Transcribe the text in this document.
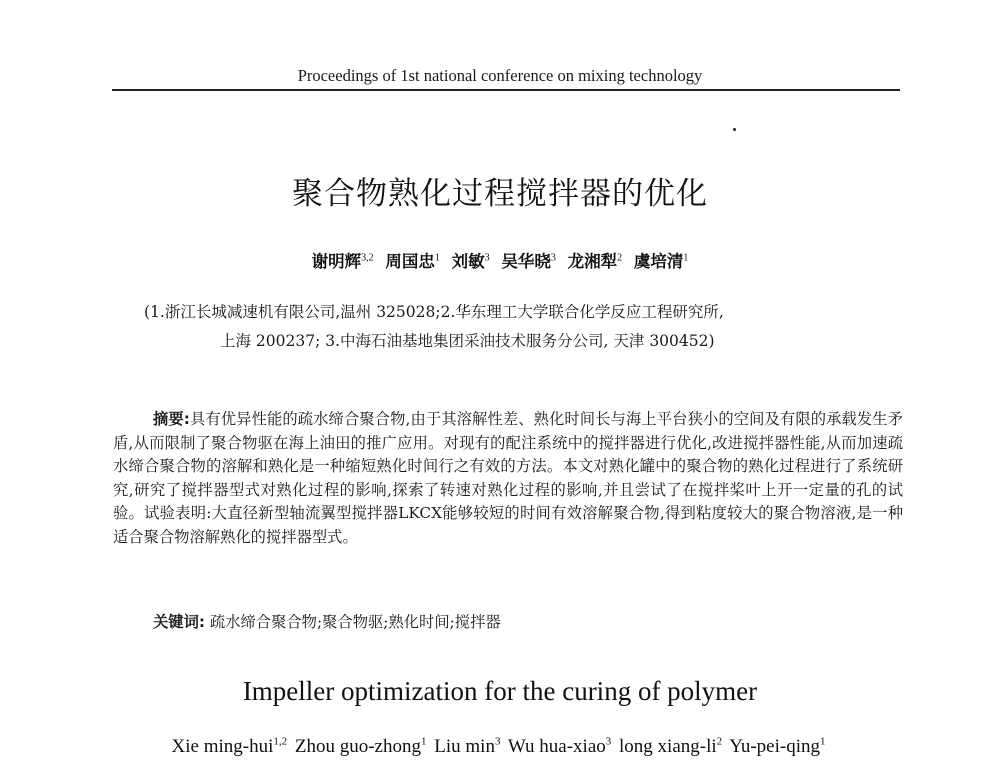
Proceedings of 1st national conference on mixing technology
聚合物熟化过程搅拌器的优化
谢明辉$^{3,2}$ 周国忠$^1$ 刘敏$^3$ 吴华晓$^3$ 龙湘犁$^2$ 虞培清$^1$
(1.浙江长城减速机有限公司,温州 325028;2.华东理工大学联合化学反应工程研究所,
上海 200237; 3.中海石油基地集团采油技术服务分公司, 天津 300452)

摘要:具有优异性能的疏水缔合聚合物,由于其溶解性差、熟化时间长与海上平台狭小的空间及有限的承载发生矛盾,从而限制了聚合物驱在海上油田的推广应用。对现有的配注系统中的搅拌器进行优化,改进搅拌器性能,从而加速疏水缔合聚合物的溶解和熟化是一种缩短熟化时间行之有效的方法。本文对熟化罐中的聚合物的熟化过程进行了系统研究,研究了搅拌器型式对熟化过程的影响,探索了转速对熟化过程的影响,并且尝试了在搅拌桨叶上开一定量的孔的试验。试验表明:大直径新型轴流翼型搅拌器LKCX能够较短的时间有效溶解聚合物,得到粘度较大的聚合物溶液,是一种适合聚合物溶解熟化的搅拌器型式。

关键词: 疏水缔合聚合物;聚合物驱;熟化时间;搅拌器
Impeller optimization for the curing of polymer
Xie ming-hui$^{1,2}$ Zhou guo-zhong$^1$ Liu $\min^3 Wu$ hua-xiao$^3$ long xiang-$li^2$ Yu-pei-qing$^1$
